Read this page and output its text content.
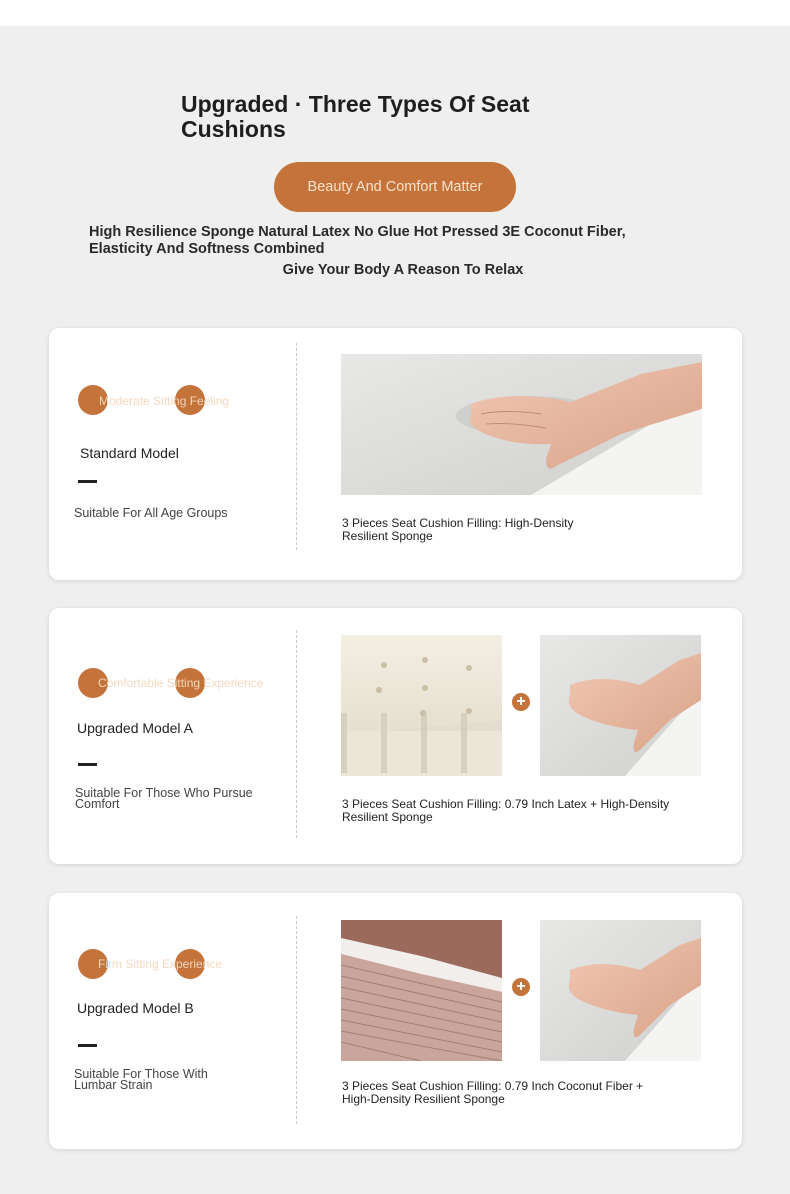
Upgraded · Three Types Of Seat Cushions
Beauty And Comfort Matter
High Resilience Sponge Natural Latex No Glue Hot Pressed 3E Coconut Fiber, Elasticity And Softness Combined
Give Your Body A Reason To Relax
Moderate Sitting Feeling
Standard Model
Suitable For All Age Groups
3 Pieces Seat Cushion Filling: High-Density Resilient Sponge
Comfortable Sitting Experience
Upgraded Model A
Suitable For Those Who Pursue Comfort
+
3 Pieces Seat Cushion Filling: 0.79 Inch Latex + High-Density Resilient Sponge
Firm Sitting Experience
Upgraded Model B
Suitable For Those With Lumbar Strain
+
3 Pieces Seat Cushion Filling: 0.79 Inch Coconut Fiber + High-Density Resilient Sponge
